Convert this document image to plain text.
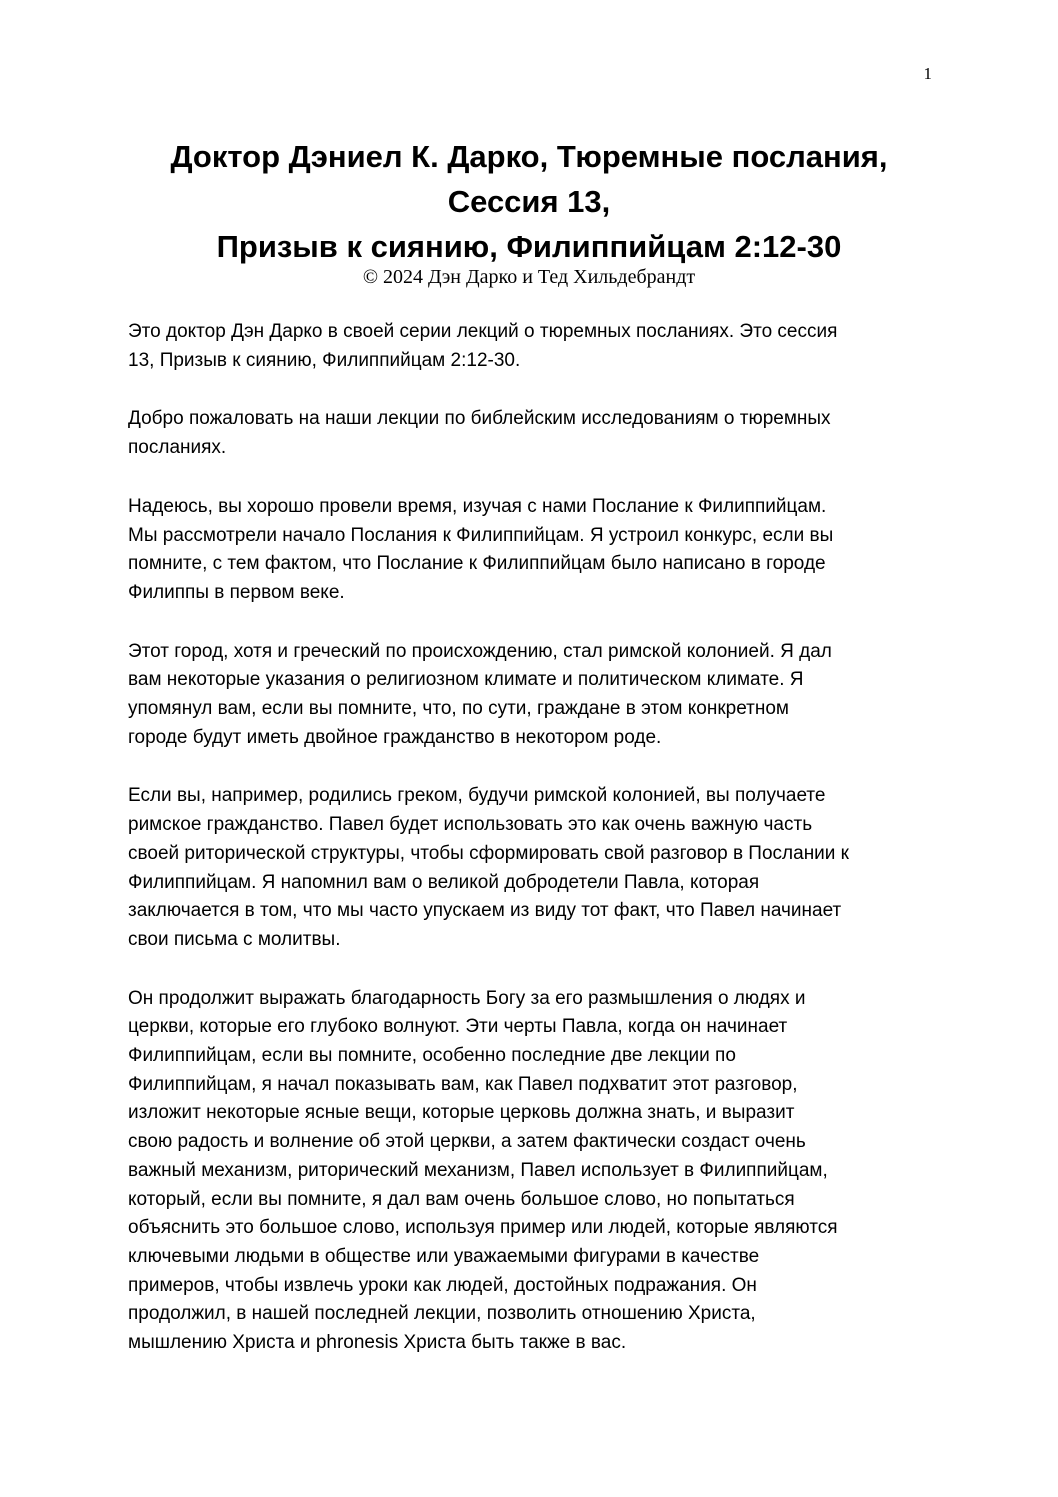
1
Доктор Дэниел К. Дарко, Тюремные послания,
Сессия 13,
Призыв к сиянию, Филиппийцам 2:12-30
© 2024 Дэн Дарко и Тед Хильдебрандт
Это доктор Дэн Дарко в своей серии лекций о тюремных посланиях. Это сессия
13, Призыв к сиянию, Филиппийцам 2:12-30.
Добро пожаловать на наши лекции по библейским исследованиям о тюремных
посланиях.
Надеюсь, вы хорошо провели время, изучая с нами Послание к Филиппийцам.
Мы рассмотрели начало Послания к Филиппийцам. Я устроил конкурс, если вы
помните, с тем фактом, что Послание к Филиппийцам было написано в городе
Филиппы в первом веке.
Этот город, хотя и греческий по происхождению, стал римской колонией. Я дал
вам некоторые указания о религиозном климате и политическом климате. Я
упомянул вам, если вы помните, что, по сути, граждане в этом конкретном
городе будут иметь двойное гражданство в некотором роде.
Если вы, например, родились греком, будучи римской колонией, вы получаете
римское гражданство. Павел будет использовать это как очень важную часть
своей риторической структуры, чтобы сформировать свой разговор в Послании к
Филиппийцам. Я напомнил вам о великой добродетели Павла, которая
заключается в том, что мы часто упускаем из виду тот факт, что Павел начинает
свои письма с молитвы.
Он продолжит выражать благодарность Богу за его размышления о людях и
церкви, которые его глубоко волнуют. Эти черты Павла, когда он начинает
Филиппийцам, если вы помните, особенно последние две лекции по
Филиппийцам, я начал показывать вам, как Павел подхватит этот разговор,
изложит некоторые ясные вещи, которые церковь должна знать, и выразит
свою радость и волнение об этой церкви, а затем фактически создаст очень
важный механизм, риторический механизм, Павел использует в Филиппийцам,
который, если вы помните, я дал вам очень большое слово, но попытаться
объяснить это большое слово, используя пример или людей, которые являются
ключевыми людьми в обществе или уважаемыми фигурами в качестве
примеров, чтобы извлечь уроки как людей, достойных подражания. Он
продолжил, в нашей последней лекции, позволить отношению Христа,
мышлению Христа и phronesis Христа быть также в вас.
